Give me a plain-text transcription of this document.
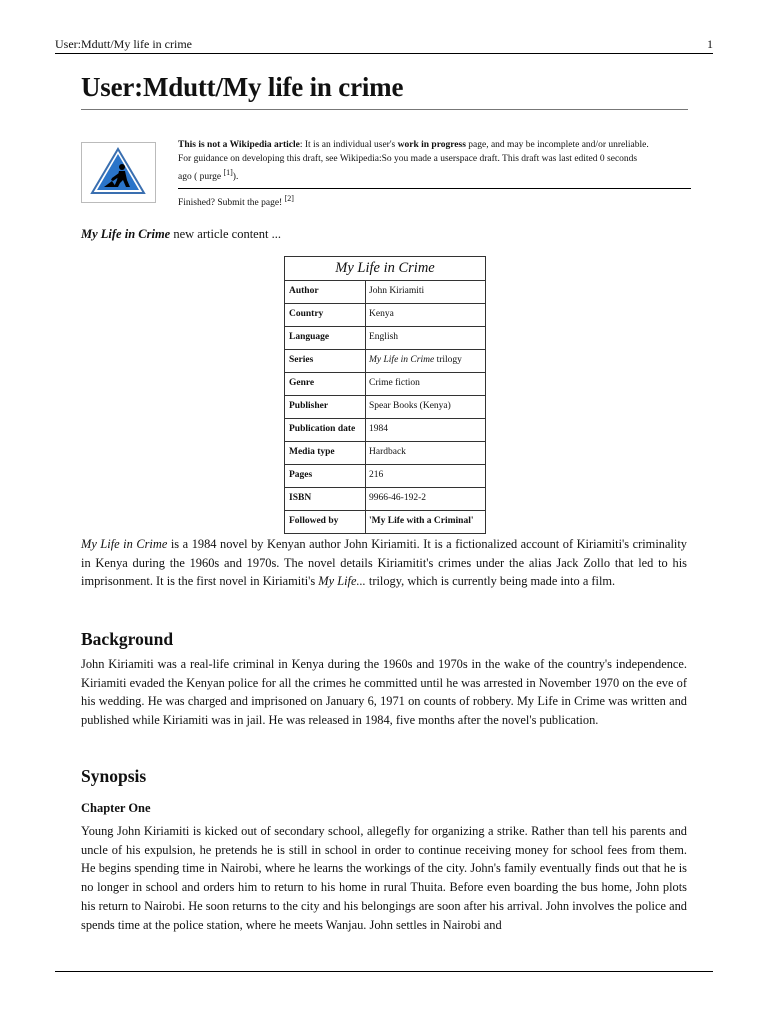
User:Mdutt/My life in crime	1
User:Mdutt/My life in crime
This is not a Wikipedia article: It is an individual user's work in progress page, and may be incomplete and/or unreliable.
For guidance on developing this draft, see Wikipedia:So you made a userspace draft. This draft was last edited 0 seconds
ago ( purge [1]).
Finished? Submit the page! [2]
My Life in Crime new article content ...
My Life in Crime
Author	John Kiriamiti
Country	Kenya
Language	English
Series	My Life in Crime trilogy
Genre	Crime fiction
Publisher	Spear Books (Kenya)
Publication date	1984
Media type	Hardback
Pages	216
ISBN	9966-46-192-2
Followed by	'My Life with a Criminal'

My Life in Crime is a 1984 novel by Kenyan author John Kiriamiti. It is a fictionalized account of Kiriamiti's criminality in Kenya during the 1960s and 1970s. The novel details Kiriamitit's crimes under the alias Jack Zollo that led to his imprisonment. It is the first novel in Kiriamiti's My Life... trilogy, which is currently being made into a film.

Background

John Kiriamiti was a real-life criminal in Kenya during the 1960s and 1970s in the wake of the country's independence. Kiriamiti evaded the Kenyan police for all the crimes he committed until he was arrested in November 1970 on the eve of his wedding. He was charged and imprisoned on January 6, 1971 on counts of robbery. My Life in Crime was written and published while Kiriamiti was in jail. He was released in 1984, five months after the novel's publication.

Synopsis
Chapter One

Young John Kiriamiti is kicked out of secondary school, allegefly for organizing a strike. Rather than tell his parents and uncle of his expulsion, he pretends he is still in school in order to continue receiving money for school fees from them. He begins spending time in Nairobi, where he learns the workings of the city. John's family eventually finds out that he is no longer in school and orders him to return to his home in rural Thuita. Before even boarding the bus home, John plots his return to Nairobi. He soon returns to the city and his belongings are soon after his arrival. John involves the police and spends time at the police station, where he meets Wanjau. John settles in Nairobi and
